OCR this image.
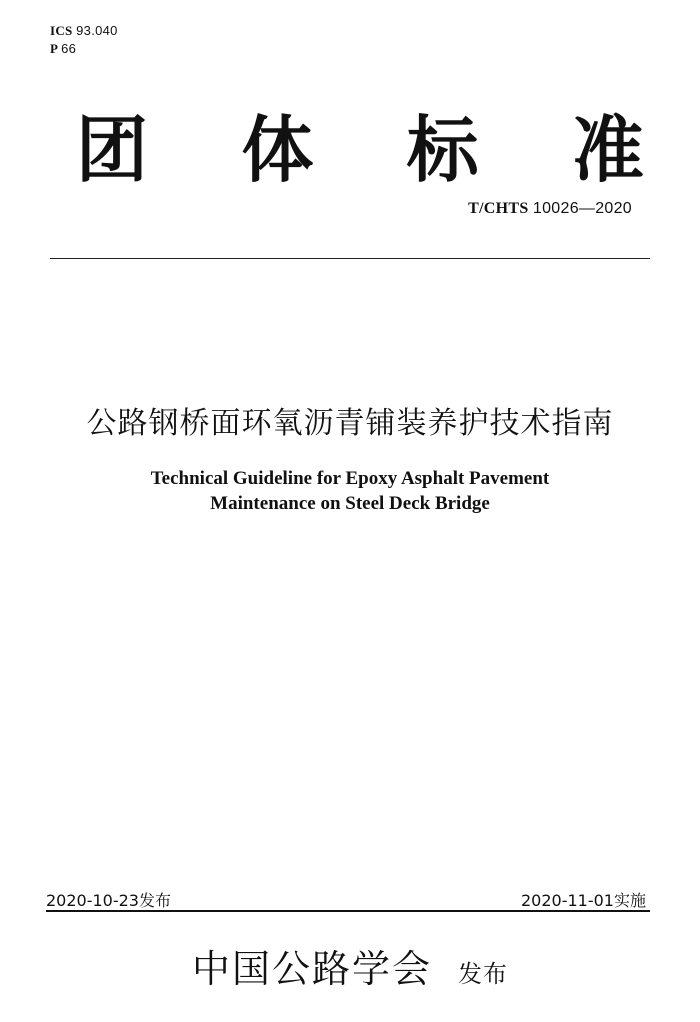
ICS 93.040
P 66
团 体 标 准
T/CHTS 10026—2020
公路钢桥面环氧沥青铺装养护技术指南
Technical Guideline for Epoxy Asphalt Pavement
Maintenance on Steel Deck Bridge
2020-10-23发布	2020-11-01实施
中国公路学会 发布
